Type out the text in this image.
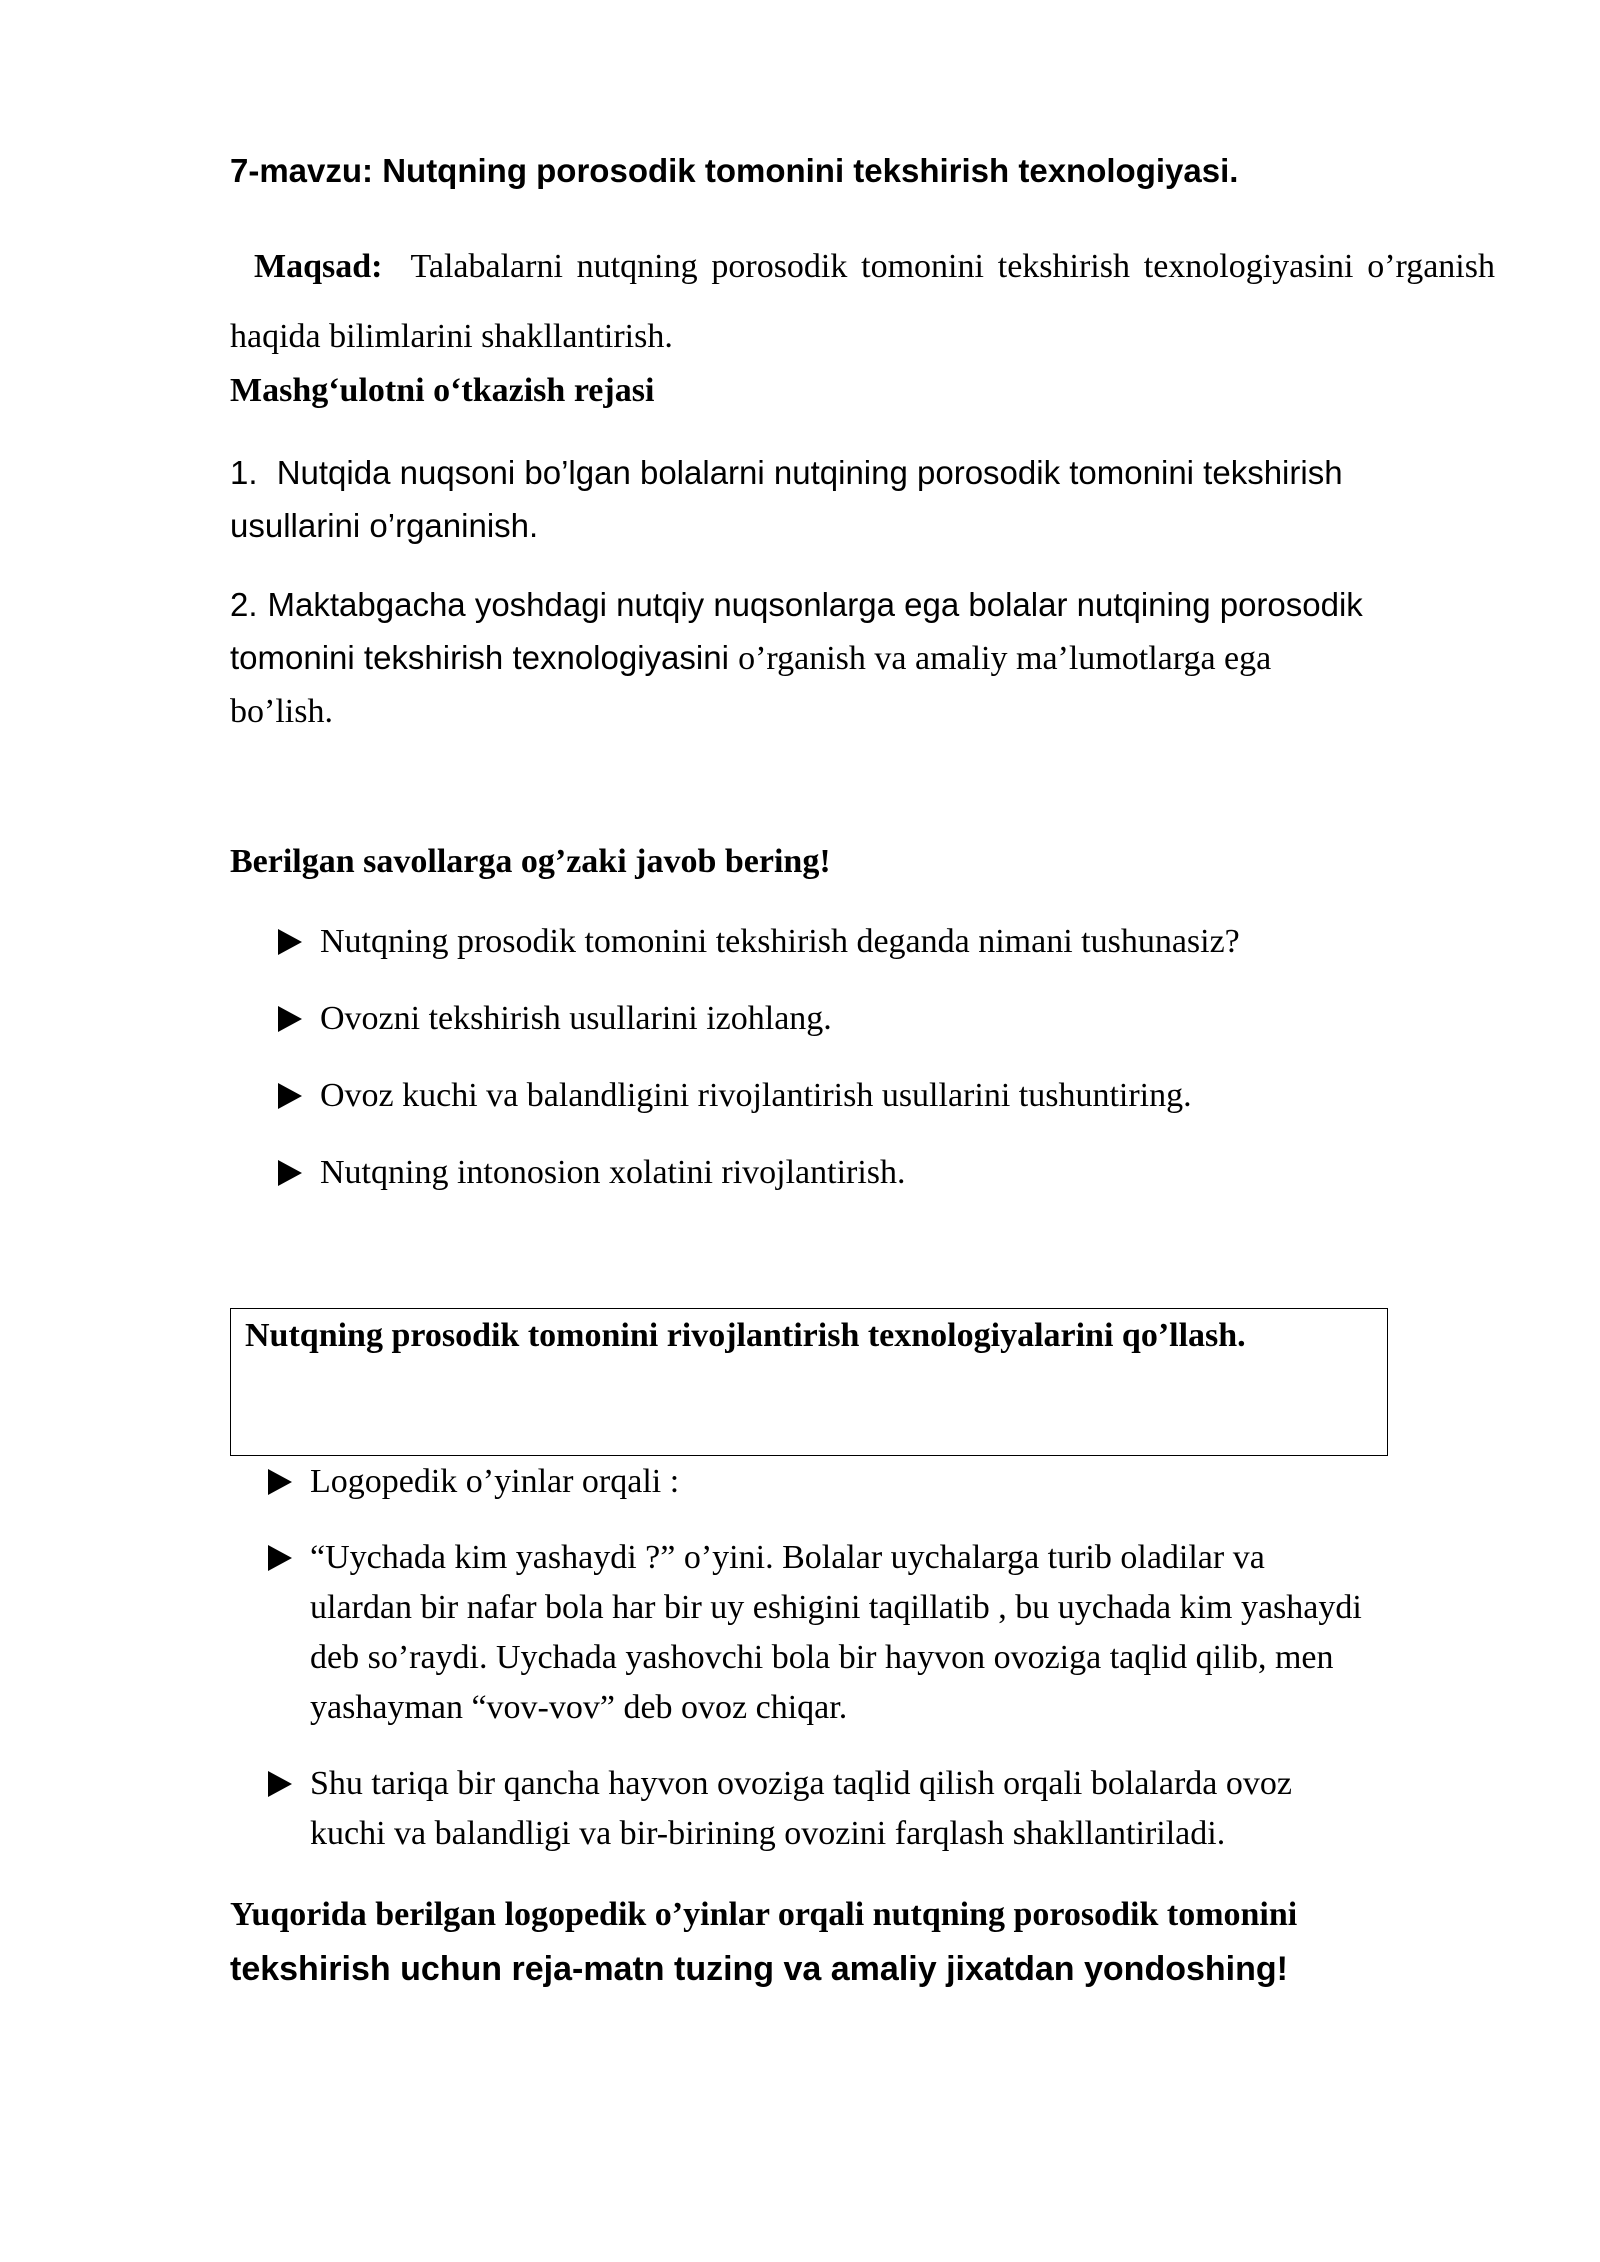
7-mavzu: Nutqning porosodik tomonini tekshirish texnologiyasi.
Maqsad: Talabalarni nutqning porosodik tomonini tekshirish texnologiyasini o’rganish haqida bilimlarini shakllantirish.
Mashg‘ulotni o‘tkazish rejasi
1. Nutqida nuqsoni bo’lgan bolalarni nutqining porosodik tomonini tekshirish
usullarini o’rganinish.
2. Maktabgacha yoshdagi nutqiy nuqsonlarga ega bolalar nutqining porosodik
tomonini tekshirish texnologiyasini o’rganish va amaliy ma’lumotlarga ega
bo’lish.
Berilgan savollarga og’zaki javob bering!
Nutqning prosodik tomonini tekshirish deganda nimani tushunasiz?
Ovozni tekshirish usullarini izohlang.
Ovoz kuchi va balandligini rivojlantirish usullarini tushuntiring.
Nutqning intonosion xolatini rivojlantirish.
Nutqning prosodik tomonini rivojlantirish texnologiyalarini qo’llash.
Logopedik o’yinlar orqali :
“Uychada kim yashaydi ?” o’yini. Bolalar uychalarga turib oladilar va
ulardan bir nafar bola har bir uy eshigini taqillatib , bu uychada kim yashaydi
deb so’raydi. Uychada yashovchi bola bir hayvon ovoziga taqlid qilib, men
yashayman “vov-vov” deb ovoz chiqar.
Shu tariqa bir qancha hayvon ovoziga taqlid qilish orqali bolalarda ovoz
kuchi va balandligi va bir-birining ovozini farqlash shakllantiriladi.
Yuqorida berilgan logopedik o’yinlar orqali nutqning porosodik tomonini
tekshirish uchun reja-matn tuzing va amaliy jixatdan yondoshing!
